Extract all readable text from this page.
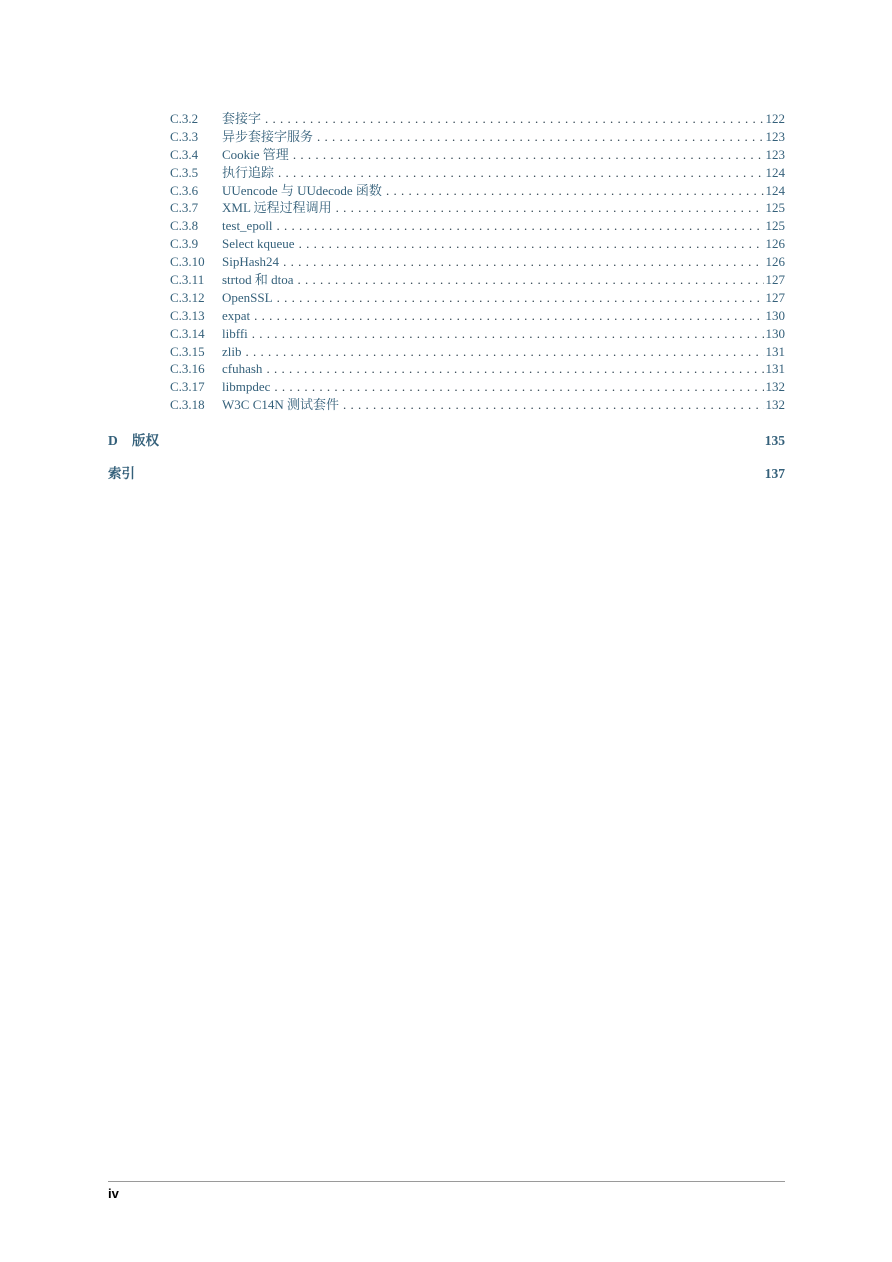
C.3.2	套接字 . . .	122
C.3.3	异步套接字服务 . . .	123
C.3.4	Cookie 管理 . . .	123
C.3.5	执行追踪 . . .	124
C.3.6	UUencode 与 UUdecode 函数 . . .	124
C.3.7	XML 远程过程调用 . . .	125
C.3.8	test_epoll . . .	125
C.3.9	Select kqueue . . .	126
C.3.10	SipHash24 . . .	126
C.3.11	strtod 和 dtoa . . .	127
C.3.12	OpenSSL . . .	127
C.3.13	expat . . .	130
C.3.14	libffi . . .	130
C.3.15	zlib . . .	131
C.3.16	cfuhash . . .	131
C.3.17	libmpdec . . .	132
C.3.18	W3C C14N 测试套件 . . .	132
D	版权	135
索引	137
iv
